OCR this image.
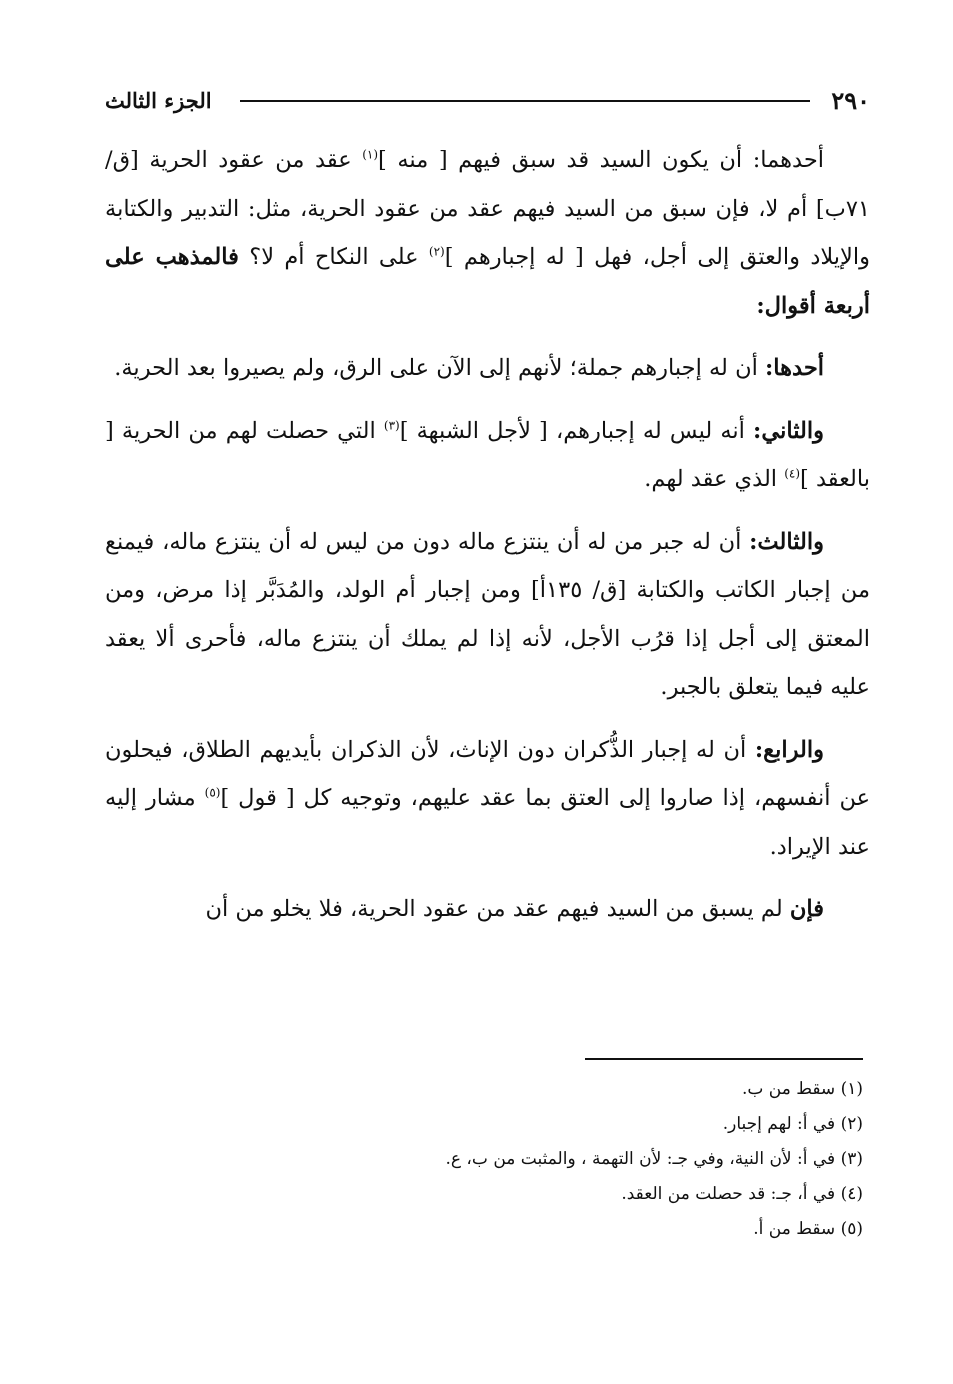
٢٩٠
الجزء الثالث

أحدهما: أن يكون السيد قد سبق فيهم [ منه ]$^{(١)}$ عقد من عقود الحرية [ق/ ٧١ب] أم لا، فإن سبق من السيد فيهم عقد من عقود الحرية، مثل: التدبير والكتابة والإيلاد والعتق إلى أجل، فهل [ له إجبارهم ]$^{(٢)}$ على النكاح أم لا؟ فالمذهب على أربعة أقوال:

أحدها: أن له إجبارهم جملة؛ لأنهم إلى الآن على الرق، ولم يصيروا بعد الحرية.

والثاني: أنه ليس له إجبارهم، [ لأجل الشبهة ]$^{(٣)}$ التي حصلت لهم من الحرية [ بالعقد ]$^{(٤)}$ الذي عقد لهم.

والثالث: أن له جبر من له أن ينتزع ماله دون من ليس له أن ينتزع ماله، فيمنع من إجبار الكاتب والكتابة [ق/ ١٣٥أ] ومن إجبار أم الولد، والمُدَبَّر إذا مرض، ومن المعتق إلى أجل إذا قرُب الأجل، لأنه إذا لم يملك أن ينتزع ماله، فأحرى ألا يعقد عليه فيما يتعلق بالجبر.

والرابع: أن له إجبار الذُّكران دون الإناث، لأن الذكران بأيديهم الطلاق، فيحلون عن أنفسهم، إذا صاروا إلى العتق بما عقد عليهم، وتوجيه كل [ قول ]$^{(٥)}$ مشار إليه عند الإيراد.

فإن لم يسبق من السيد فيهم عقد من عقود الحرية، فلا يخلو من أن

(١) سقط من ب.
(٢) في أ: لهم إجبار.
(٣) في أ: لأن النية، وفي جـ: لأن التهمة ، والمثبت من ب، ع.
(٤) في أ، جـ: قد حصلت من العقد.
(٥) سقط من أ.
